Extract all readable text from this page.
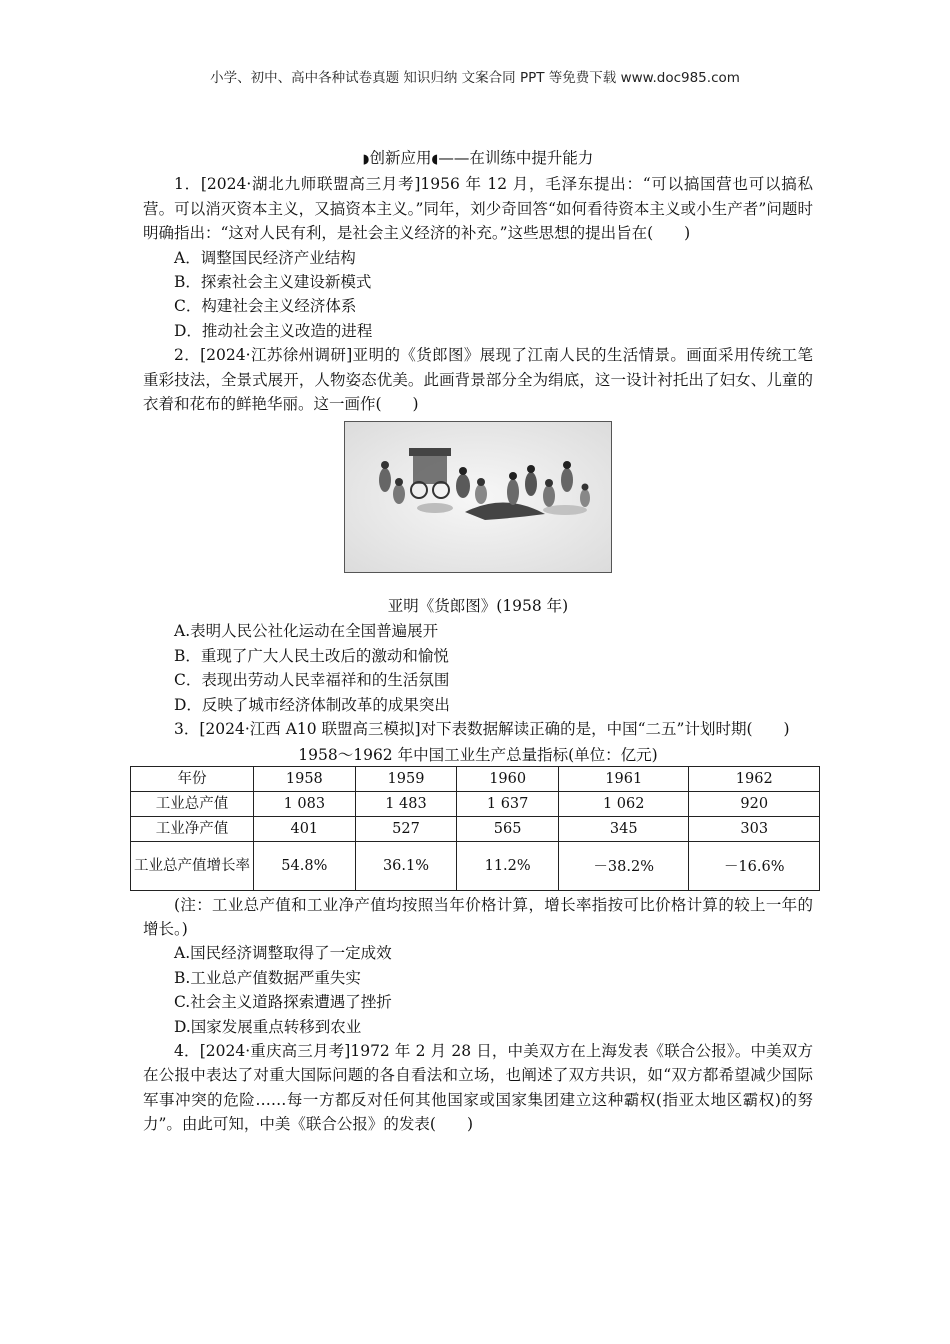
小学、初中、高中各种试卷真题 知识归纳 文案合同 PPT 等免费下载 www.doc985.com

◗创新应用◖——在训练中提升能力

1．[2024·湖北九师联盟高三月考]1956 年 12 月，毛泽东提出：“可以搞国营也可以搞私营。可以消灭资本主义，又搞资本主义。”同年，刘少奇回答“如何看待资本主义或小生产者”问题时明确指出：“这对人民有利，是社会主义经济的补充。”这些思想的提出旨在(　　)

A．调整国民经济产业结构

B．探索社会主义建设新模式

C．构建社会主义经济体系

D．推动社会主义改造的进程

2．[2024·江苏徐州调研]亚明的《货郎图》展现了江南人民的生活情景。画面采用传统工笔重彩技法，全景式展开，人物姿态优美。此画背景部分全为绢底，这一设计衬托出了妇女、儿童的衣着和花布的鲜艳华丽。这一画作(　　)

亚明《货郎图》(1958 年)

A.表明人民公社化运动在全国普遍展开

B．重现了广大人民土改后的激动和愉悦

C．表现出劳动人民幸福祥和的生活氛围

D．反映了城市经济体制改革的成果突出

3．[2024·江西 A10 联盟高三模拟]对下表数据解读正确的是，中国“二五”计划时期(　　)

1958～1962 年中国工业生产总量指标(单位：亿元)

年份	1958	1959	1960	1961	1962
工业总产值	1 083	1 483	1 637	1 062	920
工业净产值	401	527	565	345	303
工业总产值增长率	54.8%	36.1%	11.2%	－38.2%	－16.6%

(注：工业总产值和工业净产值均按照当年价格计算，增长率指按可比价格计算的较上一年的增长。)

A.国民经济调整取得了一定成效

B.工业总产值数据严重失实

C.社会主义道路探索遭遇了挫折

D.国家发展重点转移到农业

4．[2024·重庆高三月考]1972 年 2 月 28 日，中美双方在上海发表《联合公报》。中美双方在公报中表达了对重大国际问题的各自看法和立场，也阐述了双方共识，如“双方都希望减少国际军事冲突的危险……每一方都反对任何其他国家或国家集团建立这种霸权(指亚太地区霸权)的努力”。由此可知，中美《联合公报》的发表(　　)
